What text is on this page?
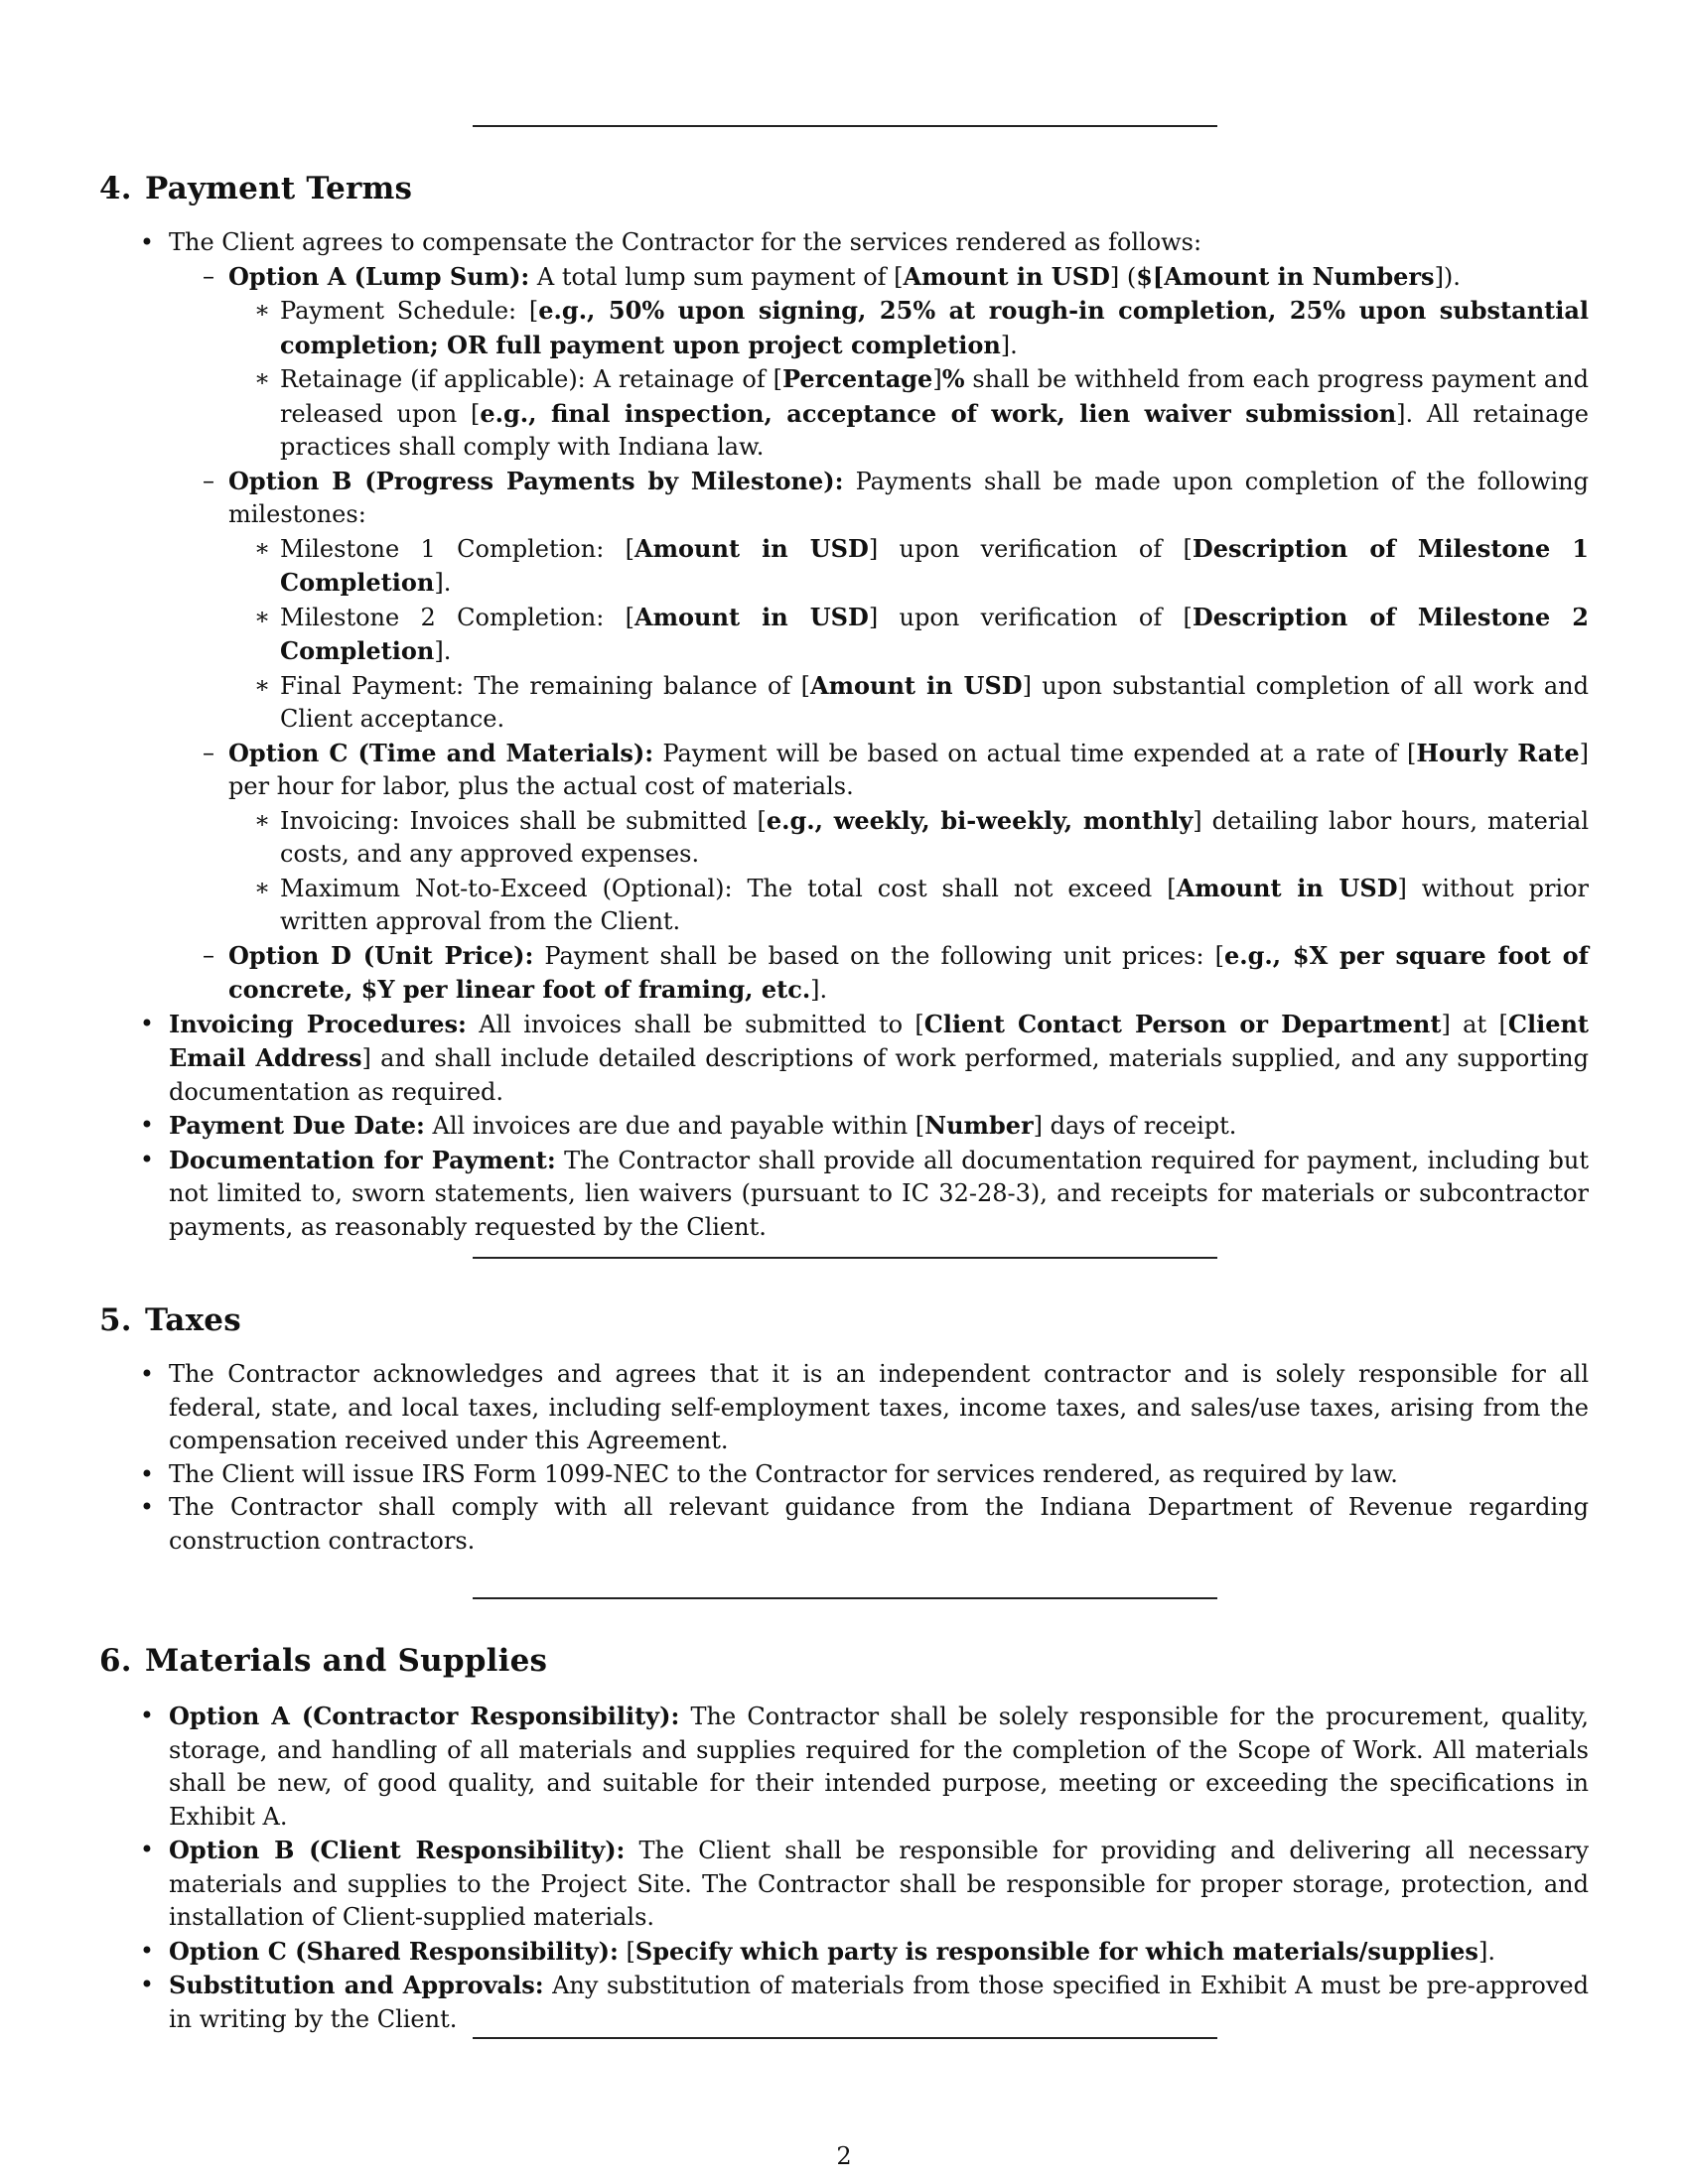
4. Payment Terms
• The Client agrees to compensate the Contractor for the services rendered as follows:
– Option A (Lump Sum): A total lump sum payment of [Amount in USD] ($[Amount in Numbers]).
∗ Payment Schedule: [e.g., 50% upon signing, 25% at rough-in completion, 25% upon substantial completion; OR full payment upon project completion].
∗ Retainage (if applicable): A retainage of [Percentage]% shall be withheld from each progress payment and released upon [e.g., final inspection, acceptance of work, lien waiver submission]. All retainage practices shall comply with Indiana law.
– Option B (Progress Payments by Milestone): Payments shall be made upon completion of the following milestones:
∗ Milestone 1 Completion: [Amount in USD] upon verification of [Description of Milestone 1 Completion].
∗ Milestone 2 Completion: [Amount in USD] upon verification of [Description of Milestone 2 Completion].
∗ Final Payment: The remaining balance of [Amount in USD] upon substantial completion of all work and Client acceptance.
– Option C (Time and Materials): Payment will be based on actual time expended at a rate of [Hourly Rate] per hour for labor, plus the actual cost of materials.
∗ Invoicing: Invoices shall be submitted [e.g., weekly, bi-weekly, monthly] detailing labor hours, material costs, and any approved expenses.
∗ Maximum Not-to-Exceed (Optional): The total cost shall not exceed [Amount in USD] without prior written approval from the Client.
– Option D (Unit Price): Payment shall be based on the following unit prices: [e.g., $X per square foot of concrete, $Y per linear foot of framing, etc.].
• Invoicing Procedures: All invoices shall be submitted to [Client Contact Person or Department] at [Client Email Address] and shall include detailed descriptions of work performed, materials supplied, and any supporting documentation as required.
• Payment Due Date: All invoices are due and payable within [Number] days of receipt.
• Documentation for Payment: The Contractor shall provide all documentation required for payment, including but not limited to, sworn statements, lien waivers (pursuant to IC 32-28-3), and receipts for materials or subcontractor payments, as reasonably requested by the Client.
5. Taxes
• The Contractor acknowledges and agrees that it is an independent contractor and is solely responsible for all federal, state, and local taxes, including self-employment taxes, income taxes, and sales/use taxes, arising from the compensation received under this Agreement.
• The Client will issue IRS Form 1099-NEC to the Contractor for services rendered, as required by law.
• The Contractor shall comply with all relevant guidance from the Indiana Department of Revenue regarding construction contractors.
6. Materials and Supplies
• Option A (Contractor Responsibility): The Contractor shall be solely responsible for the procurement, quality, storage, and handling of all materials and supplies required for the completion of the Scope of Work. All materials shall be new, of good quality, and suitable for their intended purpose, meeting or exceeding the specifications in Exhibit A.
• Option B (Client Responsibility): The Client shall be responsible for providing and delivering all necessary materials and supplies to the Project Site. The Contractor shall be responsible for proper storage, protection, and installation of Client-supplied materials.
• Option C (Shared Responsibility): [Specify which party is responsible for which materials/supplies].
• Substitution and Approvals: Any substitution of materials from those specified in Exhibit A must be pre-approved in writing by the Client.
2
